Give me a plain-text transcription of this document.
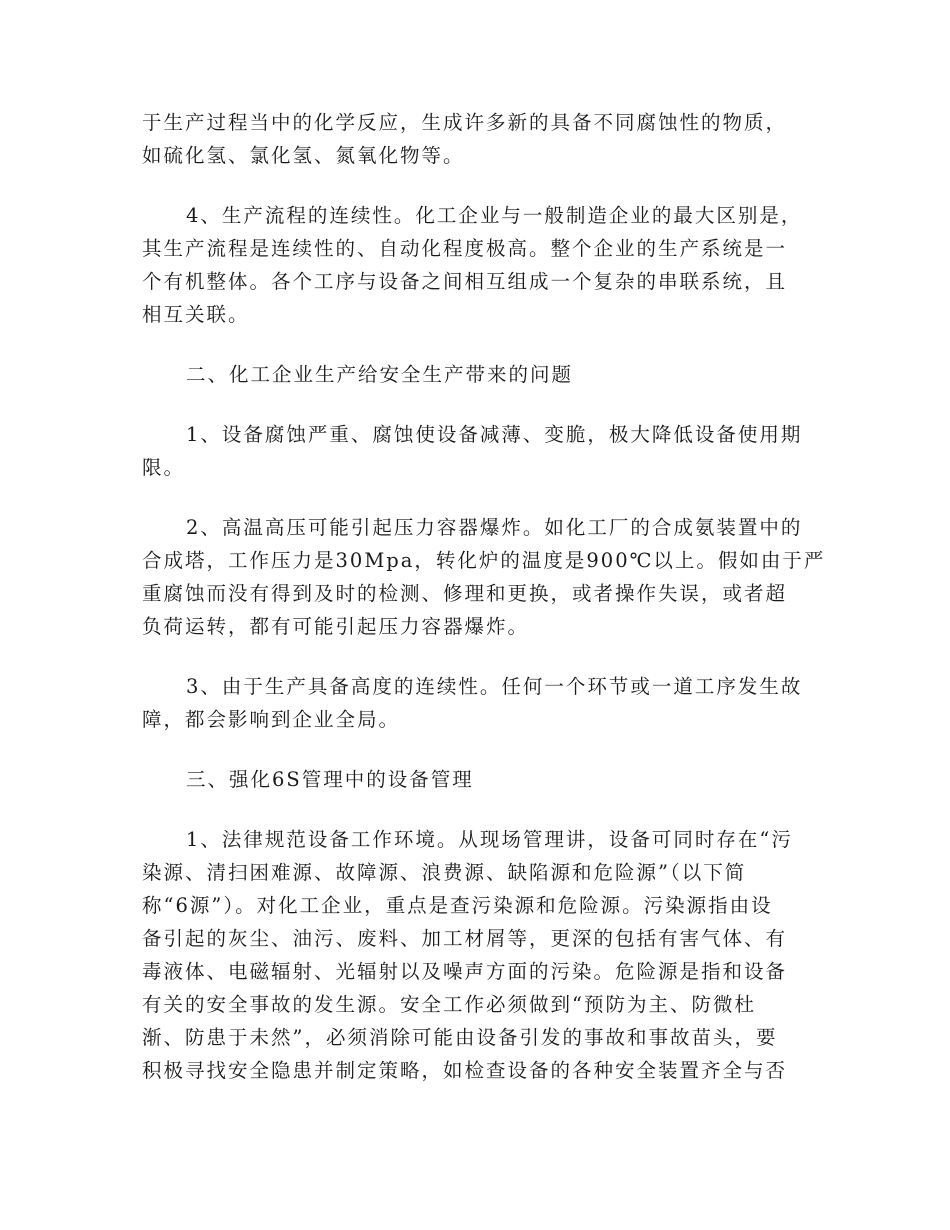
于生产过程当中的化学反应，生成许多新的具备不同腐蚀性的物质，
如硫化氢、氯化氢、氮氧化物等。

4、生产流程的连续性。化工企业与一般制造企业的最大区别是，
其生产流程是连续性的、自动化程度极高。整个企业的生产系统是一
个有机整体。各个工序与设备之间相互组成一个复杂的串联系统，且
相互关联。

二、化工企业生产给安全生产带来的问题

1、设备腐蚀严重、腐蚀使设备减薄、变脆，极大降低设备使用期
限。

2、高温高压可能引起压力容器爆炸。如化工厂的合成氨装置中的
合成塔，工作压力是30Mpa，转化炉的温度是900℃以上。假如由于严
重腐蚀而没有得到及时的检测、修理和更换，或者操作失误，或者超
负荷运转，都有可能引起压力容器爆炸。

3、由于生产具备高度的连续性。任何一个环节或一道工序发生故
障，都会影响到企业全局。

三、强化6S管理中的设备管理

1、法律规范设备工作环境。从现场管理讲，设备可同时存在“污
染源、清扫困难源、故障源、浪费源、缺陷源和危险源”（以下简
称“6源”）。对化工企业，重点是查污染源和危险源。污染源指由设
备引起的灰尘、油污、废料、加工材屑等，更深的包括有害气体、有
毒液体、电磁辐射、光辐射以及噪声方面的污染。危险源是指和设备
有关的安全事故的发生源。安全工作必须做到“预防为主、防微杜
渐、防患于未然”，必须消除可能由设备引发的事故和事故苗头，要
积极寻找安全隐患并制定策略，如检查设备的各种安全装置齐全与否
